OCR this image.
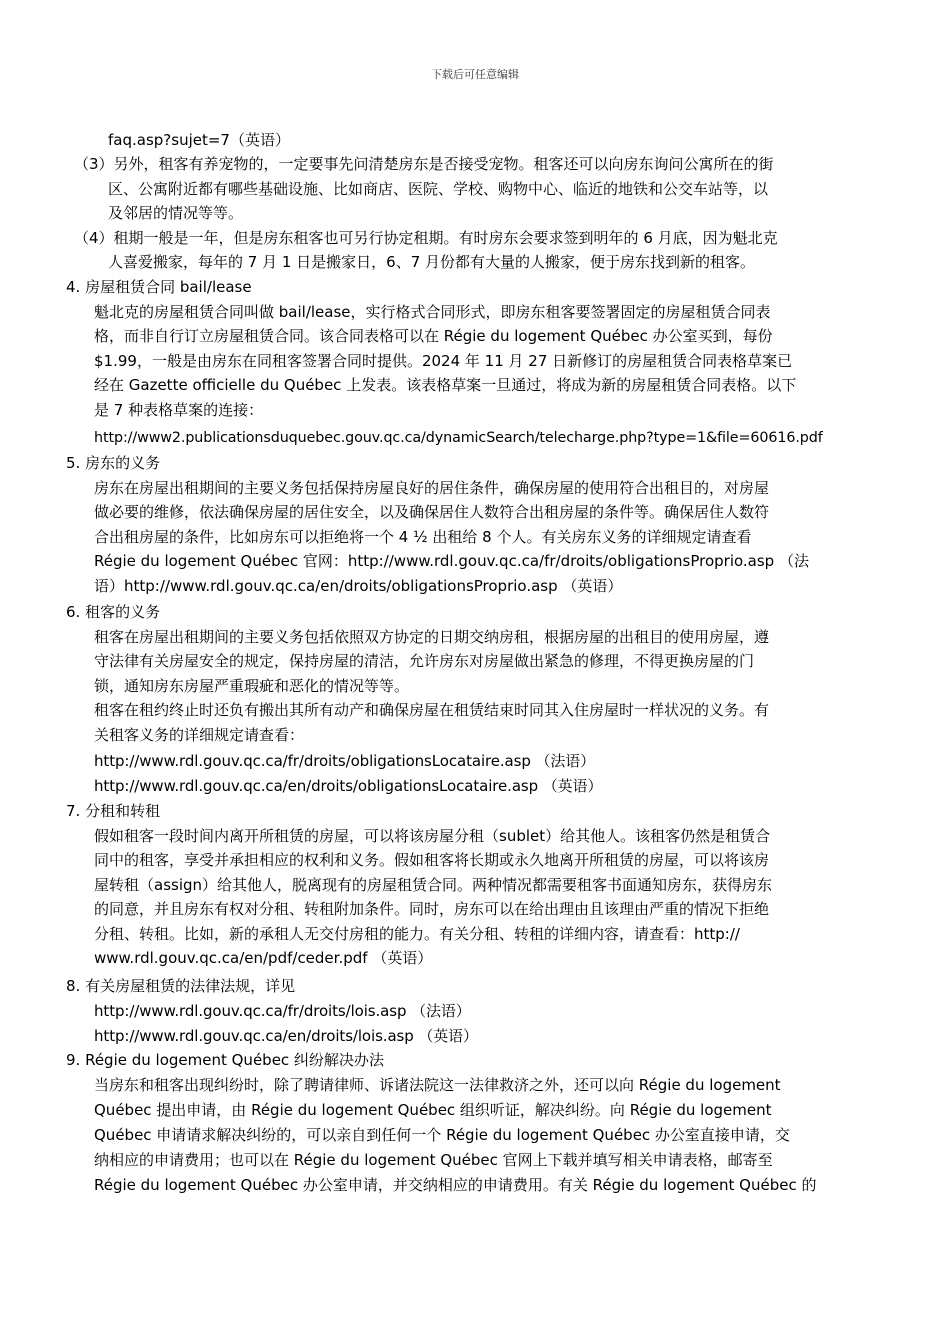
下载后可任意编辑
faq.asp?sujet=7（英语）
（3）另外，租客有养宠物的，一定要事先问清楚房东是否接受宠物。租客还可以向房东询问公寓所在的街
区、公寓附近都有哪些基础设施、比如商店、医院、学校、购物中心、临近的地铁和公交车站等，以
及邻居的情况等等。
（4）租期一般是一年，但是房东租客也可另行协定租期。有时房东会要求签到明年的 6 月底，因为魁北克
人喜爱搬家，每年的 7 月 1 日是搬家日，6、7 月份都有大量的人搬家，便于房东找到新的租客。
4. 房屋租赁合同 bail/lease
魁北克的房屋租赁合同叫做 bail/lease，实行格式合同形式，即房东租客要签署固定的房屋租赁合同表
格，而非自行订立房屋租赁合同。该合同表格可以在 Régie du logement Québec 办公室买到，每份
$1.99，一般是由房东在同租客签署合同时提供。2024 年 11 月 27 日新修订的房屋租赁合同表格草案已
经在 Gazette officielle du Québec 上发表。该表格草案一旦通过，将成为新的房屋租赁合同表格。以下
是 7 种表格草案的连接：
http://www2.publicationsduquebec.gouv.qc.ca/dynamicSearch/telecharge.php?type=1&file=60616.pdf
5. 房东的义务
房东在房屋出租期间的主要义务包括保持房屋良好的居住条件，确保房屋的使用符合出租目的，对房屋
做必要的维修，依法确保房屋的居住安全，以及确保居住人数符合出租房屋的条件等。确保居住人数符
合出租房屋的条件，比如房东可以拒绝将一个 4 ½ 出租给 8 个人。有关房东义务的详细规定请查看
Régie du logement Québec 官网：http://www.rdl.gouv.qc.ca/fr/droits/obligationsProprio.asp （法
语）http://www.rdl.gouv.qc.ca/en/droits/obligationsProprio.asp （英语）
6. 租客的义务
租客在房屋出租期间的主要义务包括依照双方协定的日期交纳房租，根据房屋的出租目的使用房屋，遵
守法律有关房屋安全的规定，保持房屋的清洁，允许房东对房屋做出紧急的修理，不得更换房屋的门
锁，通知房东房屋严重瑕疵和恶化的情况等等。
租客在租约终止时还负有搬出其所有动产和确保房屋在租赁结束时同其入住房屋时一样状况的义务。有
关租客义务的详细规定请查看：
http://www.rdl.gouv.qc.ca/fr/droits/obligationsLocataire.asp （法语）
http://www.rdl.gouv.qc.ca/en/droits/obligationsLocataire.asp （英语）
7. 分租和转租
假如租客一段时间内离开所租赁的房屋，可以将该房屋分租（sublet）给其他人。该租客仍然是租赁合
同中的租客，享受并承担相应的权利和义务。假如租客将长期或永久地离开所租赁的房屋，可以将该房
屋转租（assign）给其他人，脱离现有的房屋租赁合同。两种情况都需要租客书面通知房东，获得房东
的同意，并且房东有权对分租、转租附加条件。同时，房东可以在给出理由且该理由严重的情况下拒绝
分租、转租。比如，新的承租人无交付房租的能力。有关分租、转租的详细内容，请查看：http://
www.rdl.gouv.qc.ca/en/pdf/ceder.pdf （英语）
8. 有关房屋租赁的法律法规，详见
http://www.rdl.gouv.qc.ca/fr/droits/lois.asp （法语）
http://www.rdl.gouv.qc.ca/en/droits/lois.asp （英语）
9. Régie du logement Québec 纠纷解决办法
当房东和租客出现纠纷时，除了聘请律师、诉诸法院这一法律救济之外，还可以向 Régie du logement
Québec 提出申请，由 Régie du logement Québec 组织听证，解决纠纷。向 Régie du logement
Québec 申请请求解决纠纷的，可以亲自到任何一个 Régie du logement Québec 办公室直接申请，交
纳相应的申请费用；也可以在 Régie du logement Québec 官网上下载并填写相关申请表格，邮寄至
Régie du logement Québec 办公室申请，并交纳相应的申请费用。有关 Régie du logement Québec 的
